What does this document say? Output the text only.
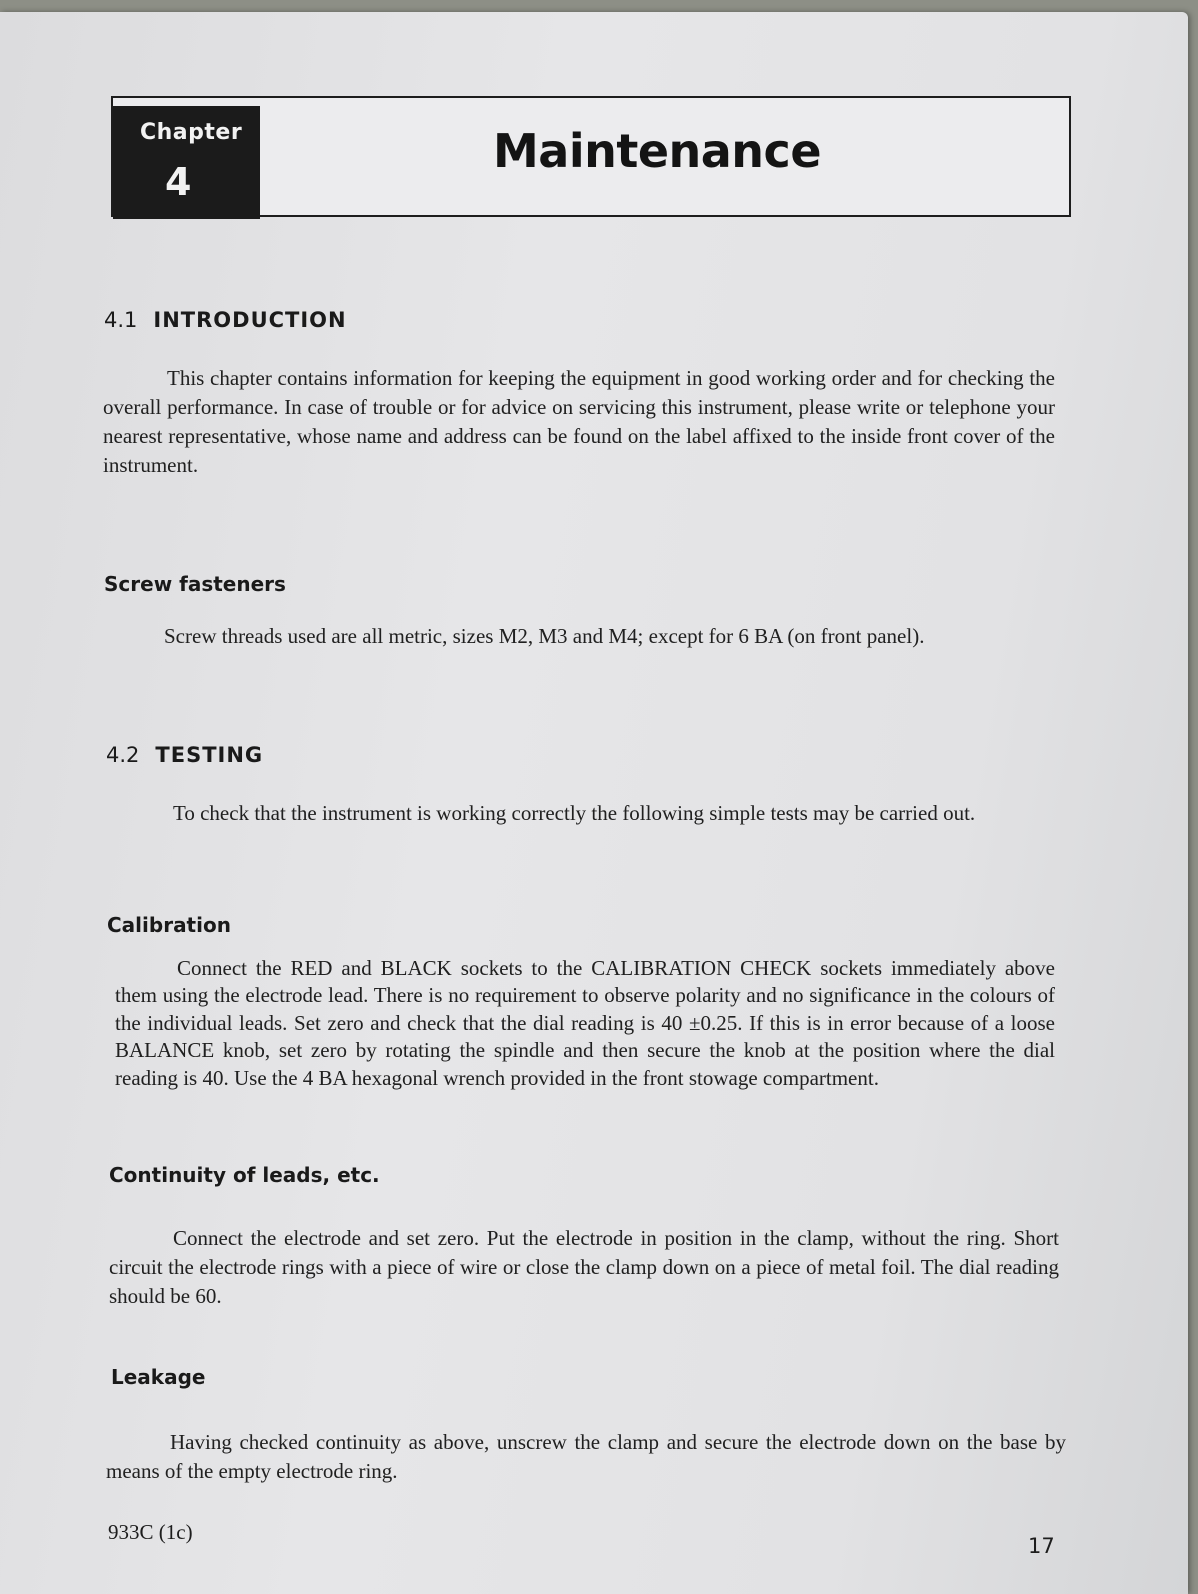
Chapter
4
Maintenance
4.1 INTRODUCTION

This chapter contains information for keeping the equipment in good working order and for checking the overall performance. In case of trouble or for advice on servicing this instrument, please write or telephone your nearest representative, whose name and address can be found on the label affixed to the inside front cover of the instrument.

Screw fasteners

Screw threads used are all metric, sizes M2, M3 and M4; except for 6 BA (on front panel).

4.2 TESTING

To check that the instrument is working correctly the following simple tests may be carried out.

Calibration

Connect the RED and BLACK sockets to the CALIBRATION CHECK sockets immediately above them using the electrode lead. There is no requirement to observe polarity and no significance in the colours of the individual leads. Set zero and check that the dial reading is 40 ±0.25. If this is in error because of a loose BALANCE knob, set zero by rotating the spindle and then secure the knob at the position where the dial reading is 40. Use the 4 BA hexagonal wrench provided in the front stowage compartment.

Continuity of leads, etc.

Connect the electrode and set zero. Put the electrode in position in the clamp, without the ring. Short circuit the electrode rings with a piece of wire or close the clamp down on a piece of metal foil. The dial reading should be 60.

Leakage

Having checked continuity as above, unscrew the clamp and secure the electrode down on the base by means of the empty electrode ring.

933C (1c)
17
